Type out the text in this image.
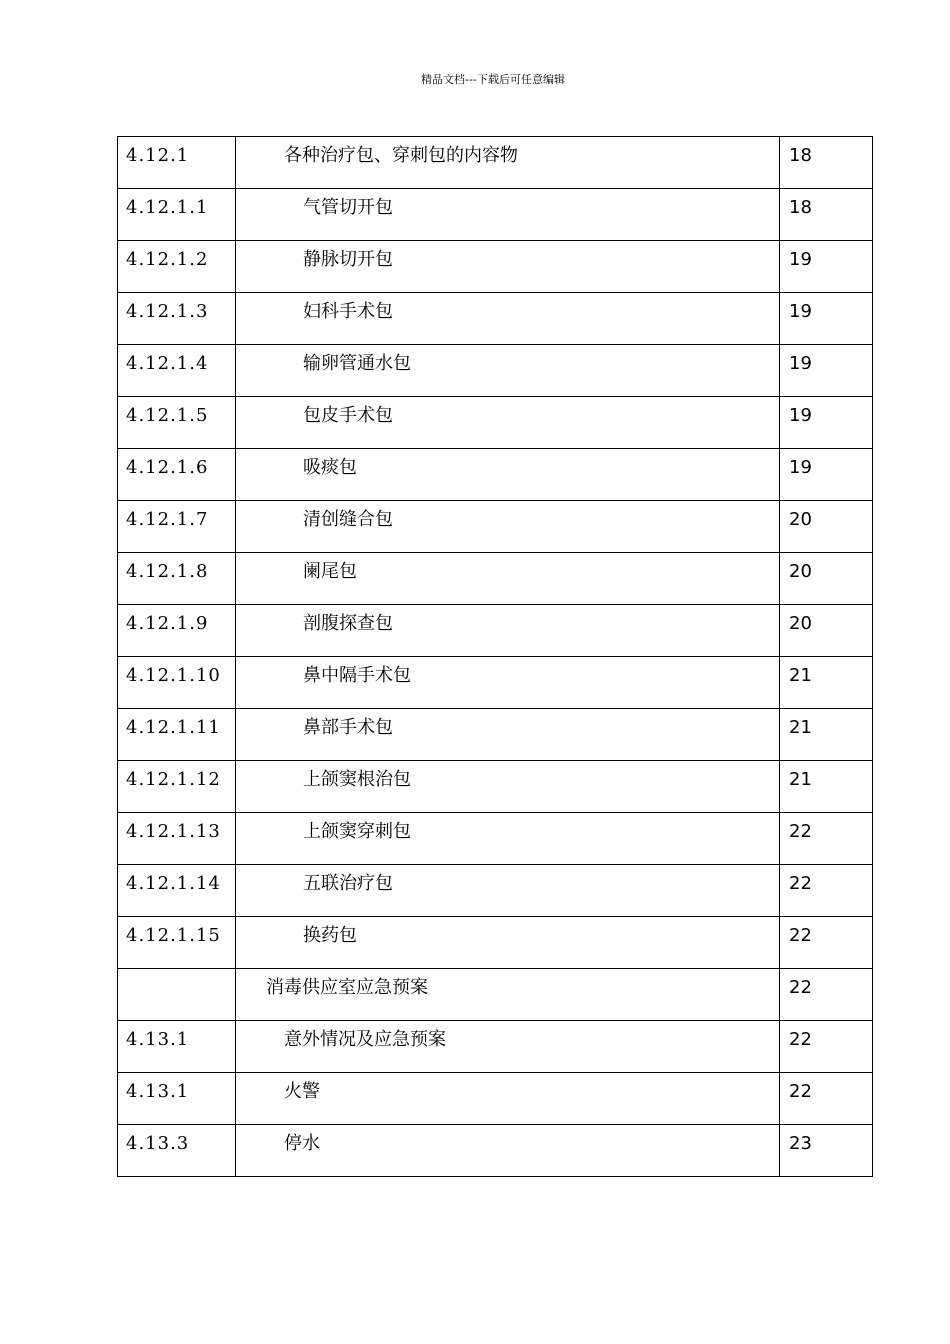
精品文档---下载后可任意编辑
4.12.1	各种治疗包、穿刺包的内容物	18
4.12.1.1	气管切开包	18
4.12.1.2	静脉切开包	19
4.12.1.3	妇科手术包	19
4.12.1.4	输卵管通水包	19
4.12.1.5	包皮手术包	19
4.12.1.6	吸痰包	19
4.12.1.7	清创缝合包	20
4.12.1.8	阑尾包	20
4.12.1.9	剖腹探查包	20
4.12.1.10	鼻中隔手术包	21
4.12.1.11	鼻部手术包	21
4.12.1.12	上颌窦根治包	21
4.12.1.13	上颌窦穿刺包	22
4.12.1.14	五联治疗包	22
4.12.1.15	换药包	22
	消毒供应室应急预案	22
4.13.1	意外情况及应急预案	22
4.13.1	火警	22
4.13.3	停水	23
